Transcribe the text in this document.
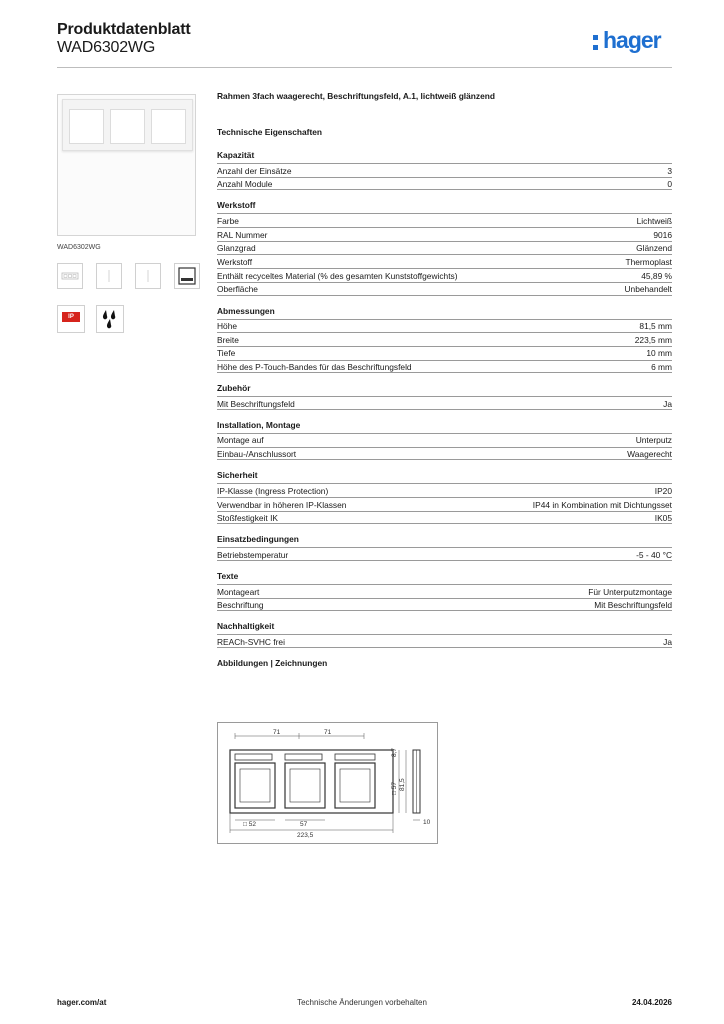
Produktdatenblatt
WAD6302WG	hager
WAD6302WG
IP

Rahmen 3fach waagerecht, Beschriftungsfeld, A.1, lichtweiß glänzend

Technische Eigenschaften

Kapazität
Anzahl der Einsätze	3
Anzahl Module	0
Werkstoff
Farbe	Lichtweiß
RAL Nummer	9016
Glanzgrad	Glänzend
Werkstoff	Thermoplast
Enthält recyceltes Material (% des gesamten Kunststoffgewichts)	45,89 %
Oberfläche	Unbehandelt
Abmessungen
Höhe	81,5 mm
Breite	223,5 mm
Tiefe	10 mm
Höhe des P-Touch-Bandes für das Beschriftungsfeld	6 mm
Zubehör
Mit Beschriftungsfeld	Ja
Installation, Montage
Montage auf	Unterputz
Einbau-/Anschlussort	Waagerecht
Sicherheit
IP-Klasse (Ingress Protection)	IP20
Verwendbar in höheren IP-Klassen	IP44 in Kombination mit Dichtungsset
Stoßfestigkeit IK	IK05
Einsatzbedingungen
Betriebstemperatur	-5 - 40 °C
Texte
Montageart	Für Unterputzmontage
Beschriftung	Mit Beschriftungsfeld
Nachhaltigkeit
REACh-SVHC frei	Ja
Abbildungen | Zeichnungen
71	71
8,7
□ 57 81,5
□ 52	57
223,5
10
hager.com/at	Technische Änderungen vorbehalten	24.04.2026
